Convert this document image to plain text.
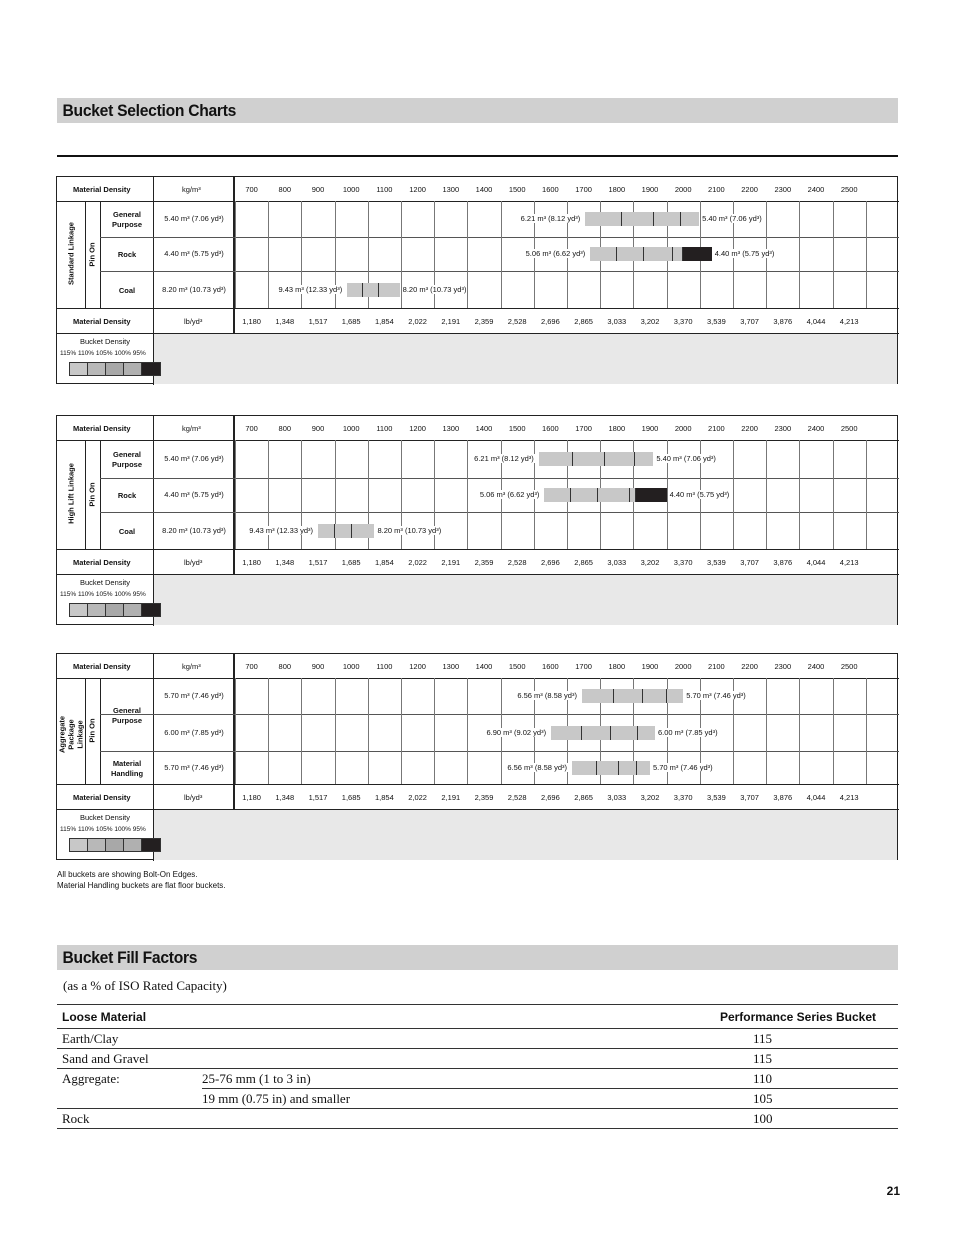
Bucket Selection Charts
Material Density	kg/m³
Material Density	lb/yd³
700	800	900	1000	1100	1200	1300	1400	1500	1600	1700	1800	1900	2000	2100	2200	2300	2400	2500
1,180	1,348	1,517	1,685	1,854	2,022	2,191	2,359	2,528	2,696	2,865	3,033	3,202	3,370	3,539	3,707	3,876	4,044	4,213
Standard Linkage Pin On
General Purpose
5.40 m³ (7.06 yd³)	6.21 m³ (8.12 yd³)	5.40 m³ (7.06 yd³)
Rock	4.40 m³ (5.75 yd³)	5.06 m³ (6.62 yd³)	4.40 m³ (5.75 yd³)
Coal	8.20 m³ (10.73 yd³)	9.43 m³ (12.33 yd³)	8.20 m³ (10.73 yd³)
Bucket Density
115% 110% 105% 100% 95%
Material Density	kg/m³
Material Density	lb/yd³
700	800	900	1000	1100	1200	1300	1400	1500	1600	1700	1800	1900	2000	2100	2200	2300	2400	2500
1,180	1,348	1,517	1,685	1,854	2,022	2,191	2,359	2,528	2,696	2,865	3,033	3,202	3,370	3,539	3,707	3,876	4,044	4,213
High Lift Linkage Pin On
General Purpose
5.40 m³ (7.06 yd³)	6.21 m³ (8.12 yd³)	5.40 m³ (7.06 yd³)
Rock	4.40 m³ (5.75 yd³)	5.06 m³ (6.62 yd³)	4.40 m³ (5.75 yd³)
Coal	8.20 m³ (10.73 yd³)	9.43 m³ (12.33 yd³)	8.20 m³ (10.73 yd³)
Bucket Density
115% 110% 105% 100% 95%
Material Density	kg/m³
Material Density	lb/yd³
700	800	900	1000	1100	1200	1300	1400	1500	1600	1700	1800	1900	2000	2100	2200	2300	2400	2500
1,180	1,348	1,517	1,685	1,854	2,022	2,191	2,359	2,528	2,696	2,865	3,033	3,202	3,370	3,539	3,707	3,876	4,044	4,213
Aggregate Package Linkage Pin On
General Purpose
5.70 m³ (7.46 yd³)	6.56 m³ (8.58 yd³)	5.70 m³ (7.46 yd³)
6.00 m³ (7.85 yd³)	6.90 m³ (9.02 yd³)	6.00 m³ (7.85 yd³)
Material Handling
5.70 m³ (7.46 yd³)	6.56 m³ (8.58 yd³)	5.70 m³ (7.46 yd³)
Bucket Density
115% 110% 105% 100% 95%
All buckets are showing Bolt-On Edges.
Material Handling buckets are flat floor buckets.
Bucket Fill Factors
(as a % of ISO Rated Capacity)
Loose Material		Performance Series Bucket
Earth/Clay		115
Sand and Gravel		115
Aggregate:	25-76 mm (1 to 3 in)	110
	19 mm (0.75 in) and smaller	105
Rock		100
21
